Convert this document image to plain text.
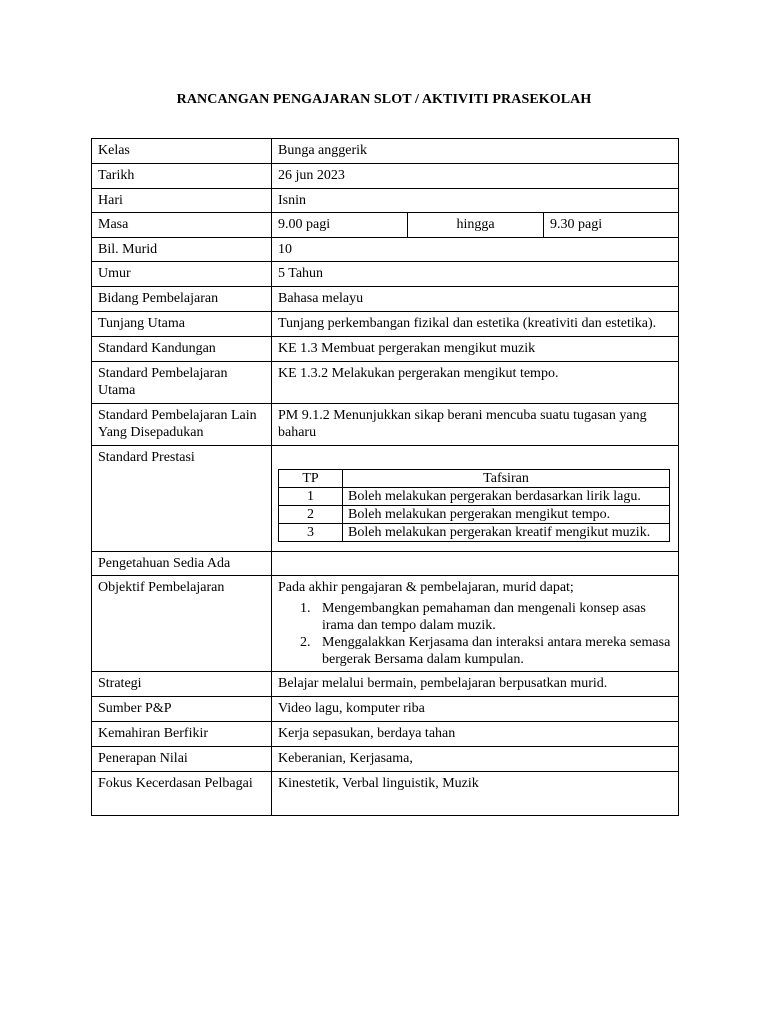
RANCANGAN PENGAJARAN SLOT / AKTIVITI PRASEKOLAH
Kelas	Bunga anggerik
Tarikh	26 jun 2023
Hari	Isnin
Masa	9.00 pagi	hingga	9.30 pagi
Bil. Murid	10
Umur	5 Tahun
Bidang Pembelajaran	Bahasa melayu
Tunjang Utama	Tunjang perkembangan fizikal dan estetika (kreativiti dan estetika).
Standard Kandungan	KE 1.3 Membuat pergerakan mengikut muzik
Standard Pembelajaran Utama	KE 1.3.2 Melakukan pergerakan mengikut tempo.
Standard Pembelajaran Lain Yang Disepadukan	PM 9.1.2 Menunjukkan sikap berani mencuba suatu tugasan yang baharu
Standard Prestasi	
TP	Tafsiran
1	Boleh melakukan pergerakan berdasarkan lirik lagu.
2	Boleh melakukan pergerakan mengikut tempo.
3	Boleh melakukan pergerakan kreatif mengikut muzik.

Pengetahuan Sedia Ada	
Objektif Pembelajaran	Pada akhir pengajaran & pembelajaran, murid dapat;
1. Mengembangkan pemahaman dan mengenali konsep asas irama dan tempo dalam muzik.
2. Menggalakkan Kerjasama dan interaksi antara mereka semasa bergerak Bersama dalam kumpulan.

Strategi	Belajar melalui bermain, pembelajaran berpusatkan murid.
Sumber P&P	Video lagu, komputer riba
Kemahiran Berfikir	Kerja sepasukan, berdaya tahan
Penerapan Nilai	Keberanian, Kerjasama,
Fokus Kecerdasan Pelbagai	Kinestetik, Verbal linguistik, Muzik
